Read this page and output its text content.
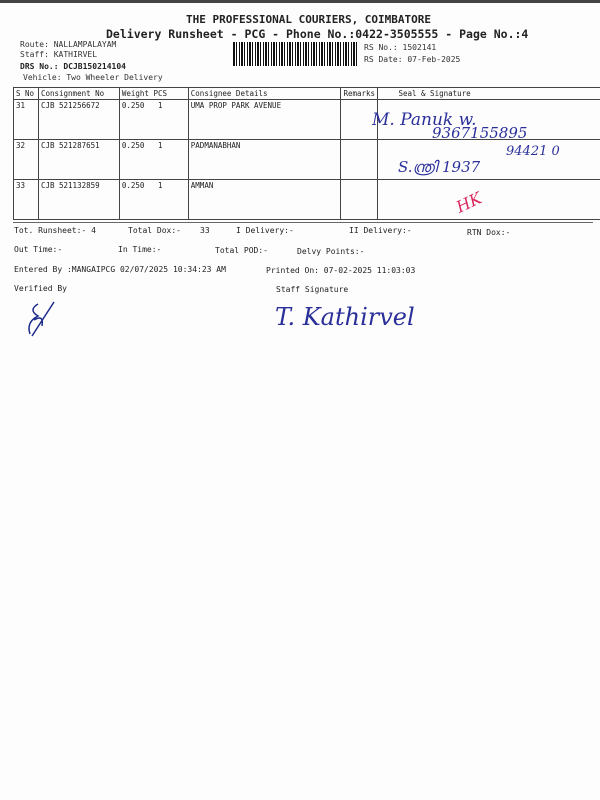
THE PROFESSIONAL COURIERS, COIMBATORE
Delivery Runsheet - PCG - Phone No.:0422-3505555 - Page No.:4
Route: NALLAMPALAYAM
Staff: KATHIRVEL
DRS No.: DCJB150214104
Vehicle: Two Wheeler Delivery
RS No.: 1502141
RS Date: 07-Feb-2025
S No	Consignment No	Weight PCS	Consignee Details	Remarks	Seal & Signature
31	CJB 521256672	0.250 1	UMA PROP PARK AVENUE		
32	CJB 521287651	0.250 1	PADMANABHAN		
33	CJB 521132859	0.250 1	AMMAN		
M. Panuk w.
9367155895
94421 0
S.ന്ത്രി 1937
HK
Tot. Runsheet:- 4	Total Dox:- 33	I Delivery:-	II Delivery:-	RTN Dox:-
Out Time:-	In Time:-	Total POD:-	Delvy Points:-
Entered By :MANGAIPCG 02/07/2025 10:34:23 AM	Printed On: 07-02-2025 11:03:03
Verified By	Staff Signature
T. Kathirvel
